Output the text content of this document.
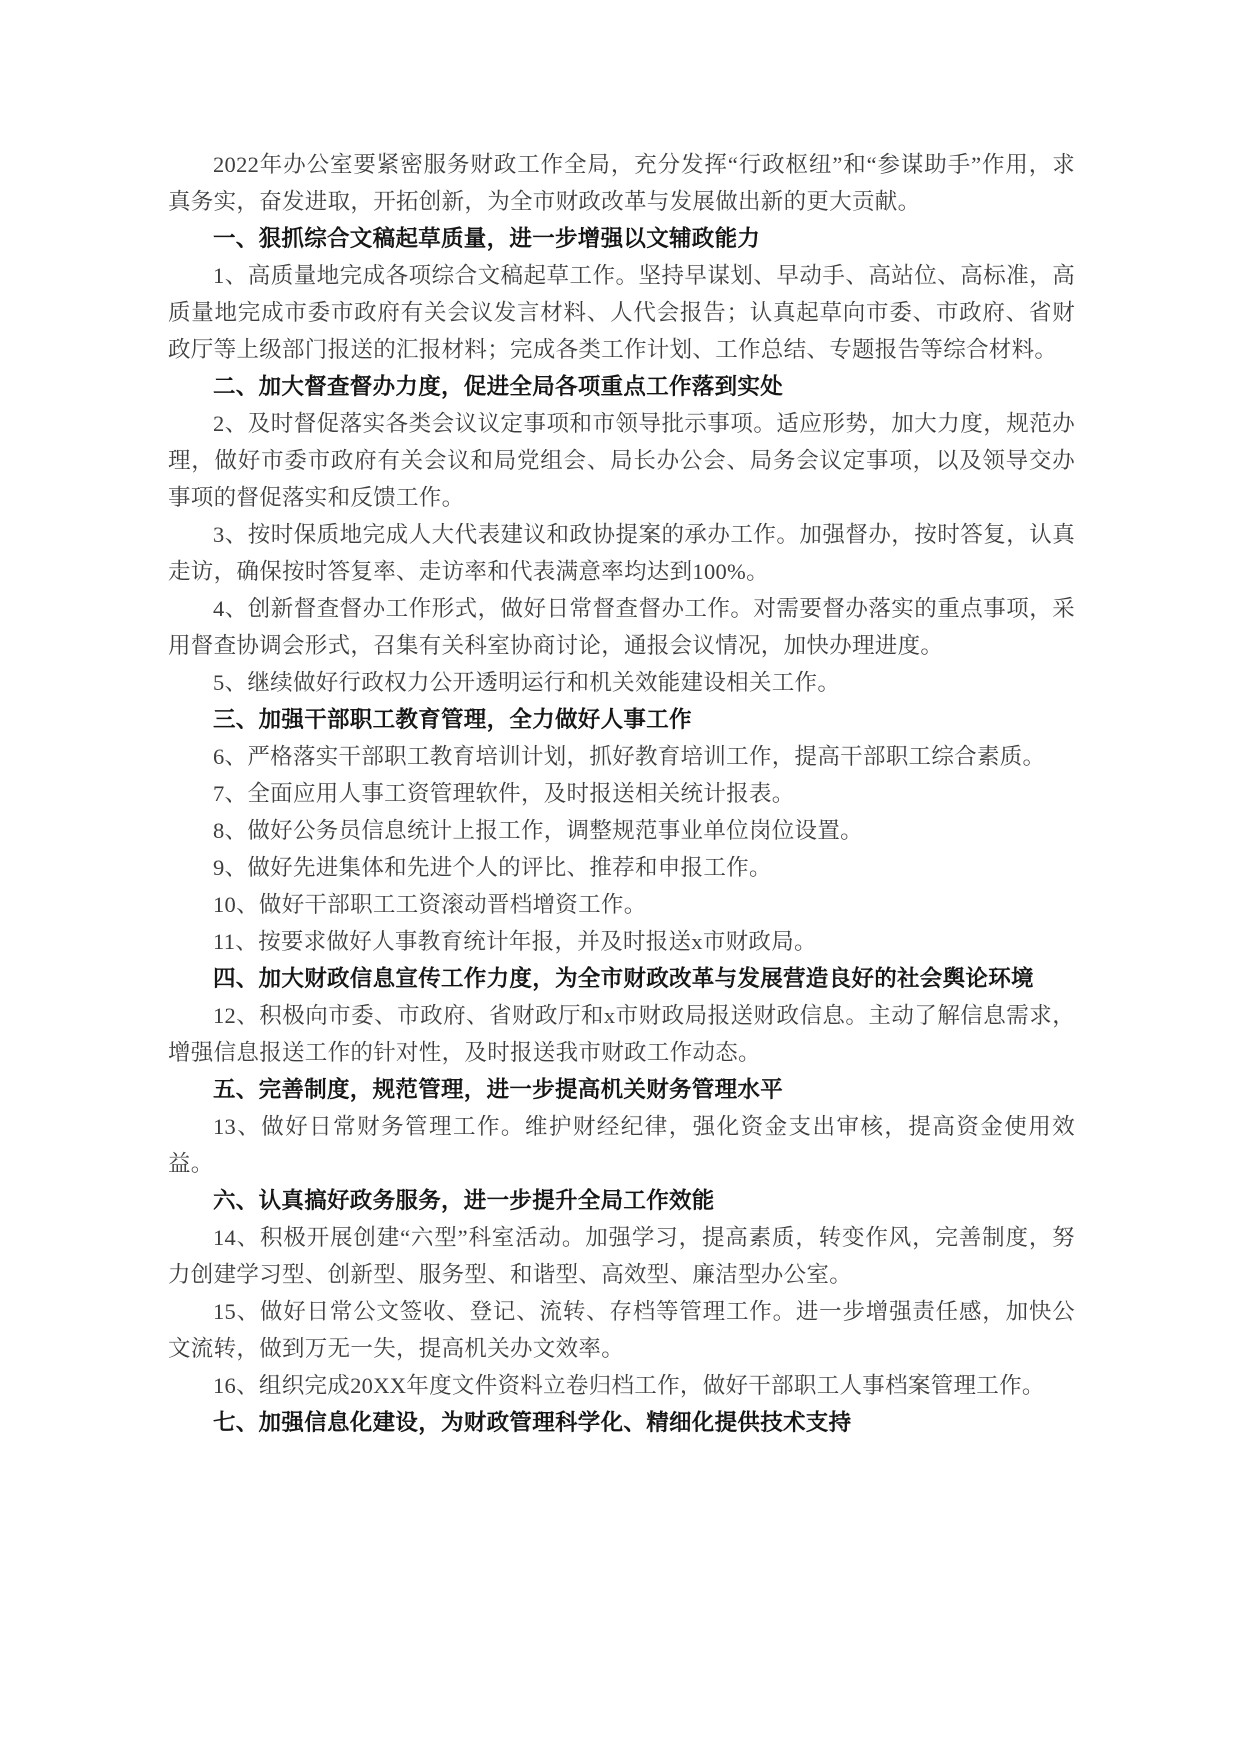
2022年办公室要紧密服务财政工作全局，充分发挥“行政枢纽”和“参谋助手”作用，求真务实，奋发进取，开拓创新，为全市财政改革与发展做出新的更大贡献。

一、狠抓综合文稿起草质量，进一步增强以文辅政能力

1、高质量地完成各项综合文稿起草工作。坚持早谋划、早动手、高站位、高标准，高质量地完成市委市政府有关会议发言材料、人代会报告；认真起草向市委、市政府、省财政厅等上级部门报送的汇报材料；完成各类工作计划、工作总结、专题报告等综合材料。

二、加大督查督办力度，促进全局各项重点工作落到实处

2、及时督促落实各类会议议定事项和市领导批示事项。适应形势，加大力度，规范办理，做好市委市政府有关会议和局党组会、局长办公会、局务会议定事项，以及领导交办事项的督促落实和反馈工作。

3、按时保质地完成人大代表建议和政协提案的承办工作。加强督办，按时答复，认真走访，确保按时答复率、走访率和代表满意率均达到100%。

4、创新督查督办工作形式，做好日常督查督办工作。对需要督办落实的重点事项，采用督查协调会形式，召集有关科室协商讨论，通报会议情况，加快办理进度。

5、继续做好行政权力公开透明运行和机关效能建设相关工作。

三、加强干部职工教育管理，全力做好人事工作

6、严格落实干部职工教育培训计划，抓好教育培训工作，提高干部职工综合素质。

7、全面应用人事工资管理软件，及时报送相关统计报表。

8、做好公务员信息统计上报工作，调整规范事业单位岗位设置。

9、做好先进集体和先进个人的评比、推荐和申报工作。

10、做好干部职工工资滚动晋档增资工作。

11、按要求做好人事教育统计年报，并及时报送x市财政局。

四、加大财政信息宣传工作力度，为全市财政改革与发展营造良好的社会舆论环境

12、积极向市委、市政府、省财政厅和x市财政局报送财政信息。主动了解信息需求，增强信息报送工作的针对性，及时报送我市财政工作动态。

五、完善制度，规范管理，进一步提高机关财务管理水平

13、做好日常财务管理工作。维护财经纪律，强化资金支出审核，提高资金使用效益。

六、认真搞好政务服务，进一步提升全局工作效能

14、积极开展创建“六型”科室活动。加强学习，提高素质，转变作风，完善制度，努力创建学习型、创新型、服务型、和谐型、高效型、廉洁型办公室。

15、做好日常公文签收、登记、流转、存档等管理工作。进一步增强责任感，加快公文流转，做到万无一失，提高机关办文效率。

16、组织完成20XX年度文件资料立卷归档工作，做好干部职工人事档案管理工作。

七、加强信息化建设，为财政管理科学化、精细化提供技术支持
